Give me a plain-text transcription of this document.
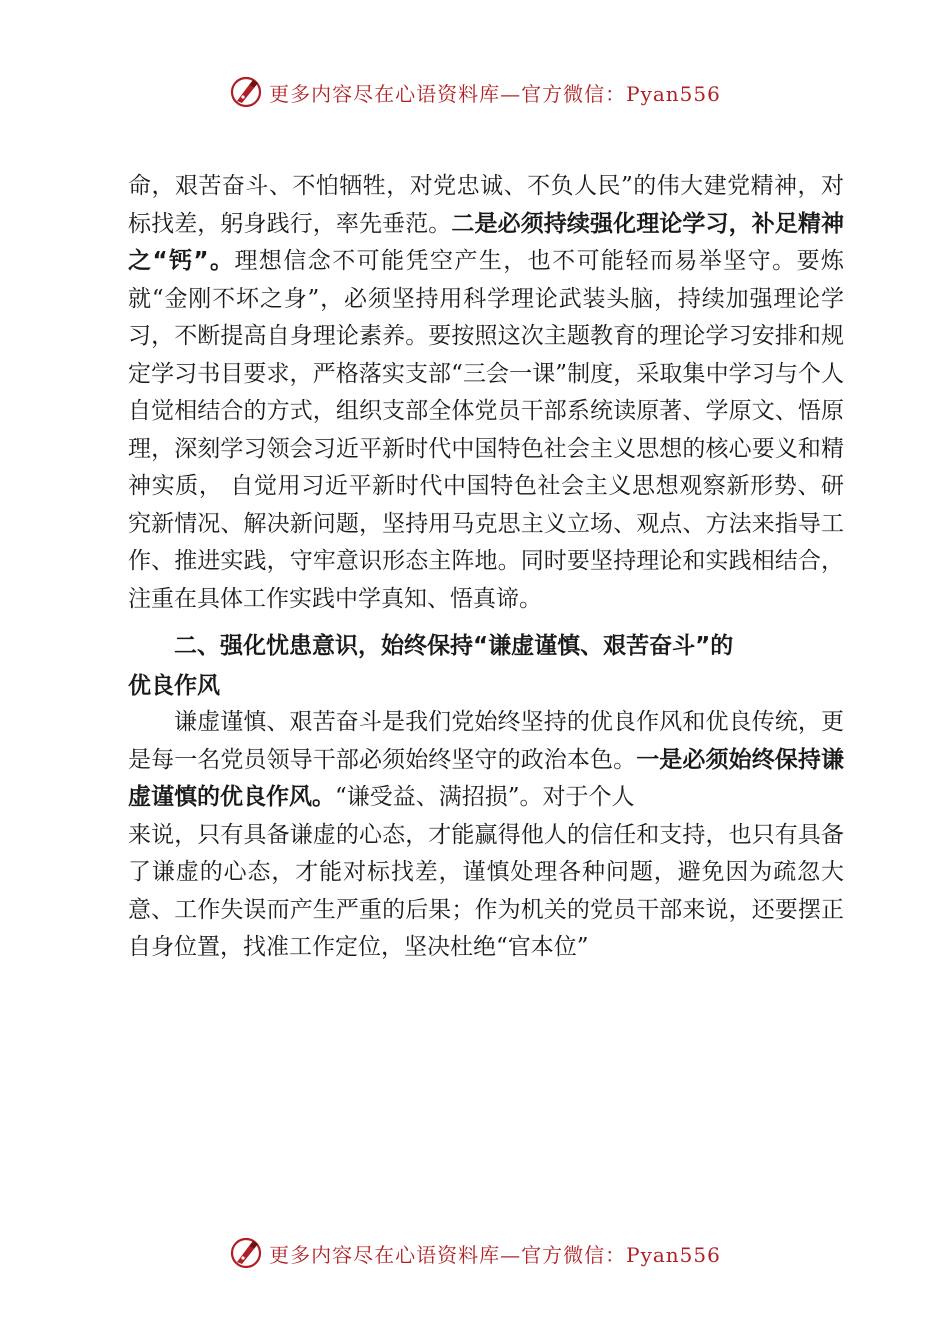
更多内容尽在心语资料库—官方微信：Pyan556

命，艰苦奋斗、不怕牺牲，对党忠诚、不负人民”的伟大建党精神，对标找差，躬身践行，率先垂范。二是必须持续强化理论学习，补足精神之“钙”。理想信念不可能凭空产生，也不可能轻而易举坚守。要炼就“金刚不坏之身”，必须坚持用科学理论武装头脑，持续加强理论学习，不断提高自身理论素养。要按照这次主题教育的理论学习安排和规定学习书目要求，严格落实支部“三会一课”制度，采取集中学习与个人自觉相结合的方式，组织支部全体党员干部系统读原著、学原文、悟原理，深刻学习领会习近平新时代中国特色社会主义思想的核心要义和精神实质， 自觉用习近平新时代中国特色社会主义思想观察新形势、研究新情况、解决新问题，坚持用马克思主义立场、观点、方法来指导工作、推进实践，守牢意识形态主阵地。同时要坚持理论和实践相结合，注重在具体工作实践中学真知、悟真谛。

二、强化忧患意识，始终保持“谦虚谨慎、艰苦奋斗”的

优良作风

谦虚谨慎、艰苦奋斗是我们党始终坚持的优良作风和优良传统，更是每一名党员领导干部必须始终坚守的政治本色。一是必须始终保持谦虚谨慎的优良作风。“谦受益、满招损”。对于个人

来说，只有具备谦虚的心态，才能赢得他人的信任和支持，也只有具备了谦虚的心态，才能对标找差，谨慎处理各种问题，避免因为疏忽大意、工作失误而产生严重的后果；作为机关的党员干部来说，还要摆正自身位置，找准工作定位，坚决杜绝“官本位”

更多内容尽在心语资料库—官方微信：Pyan556
